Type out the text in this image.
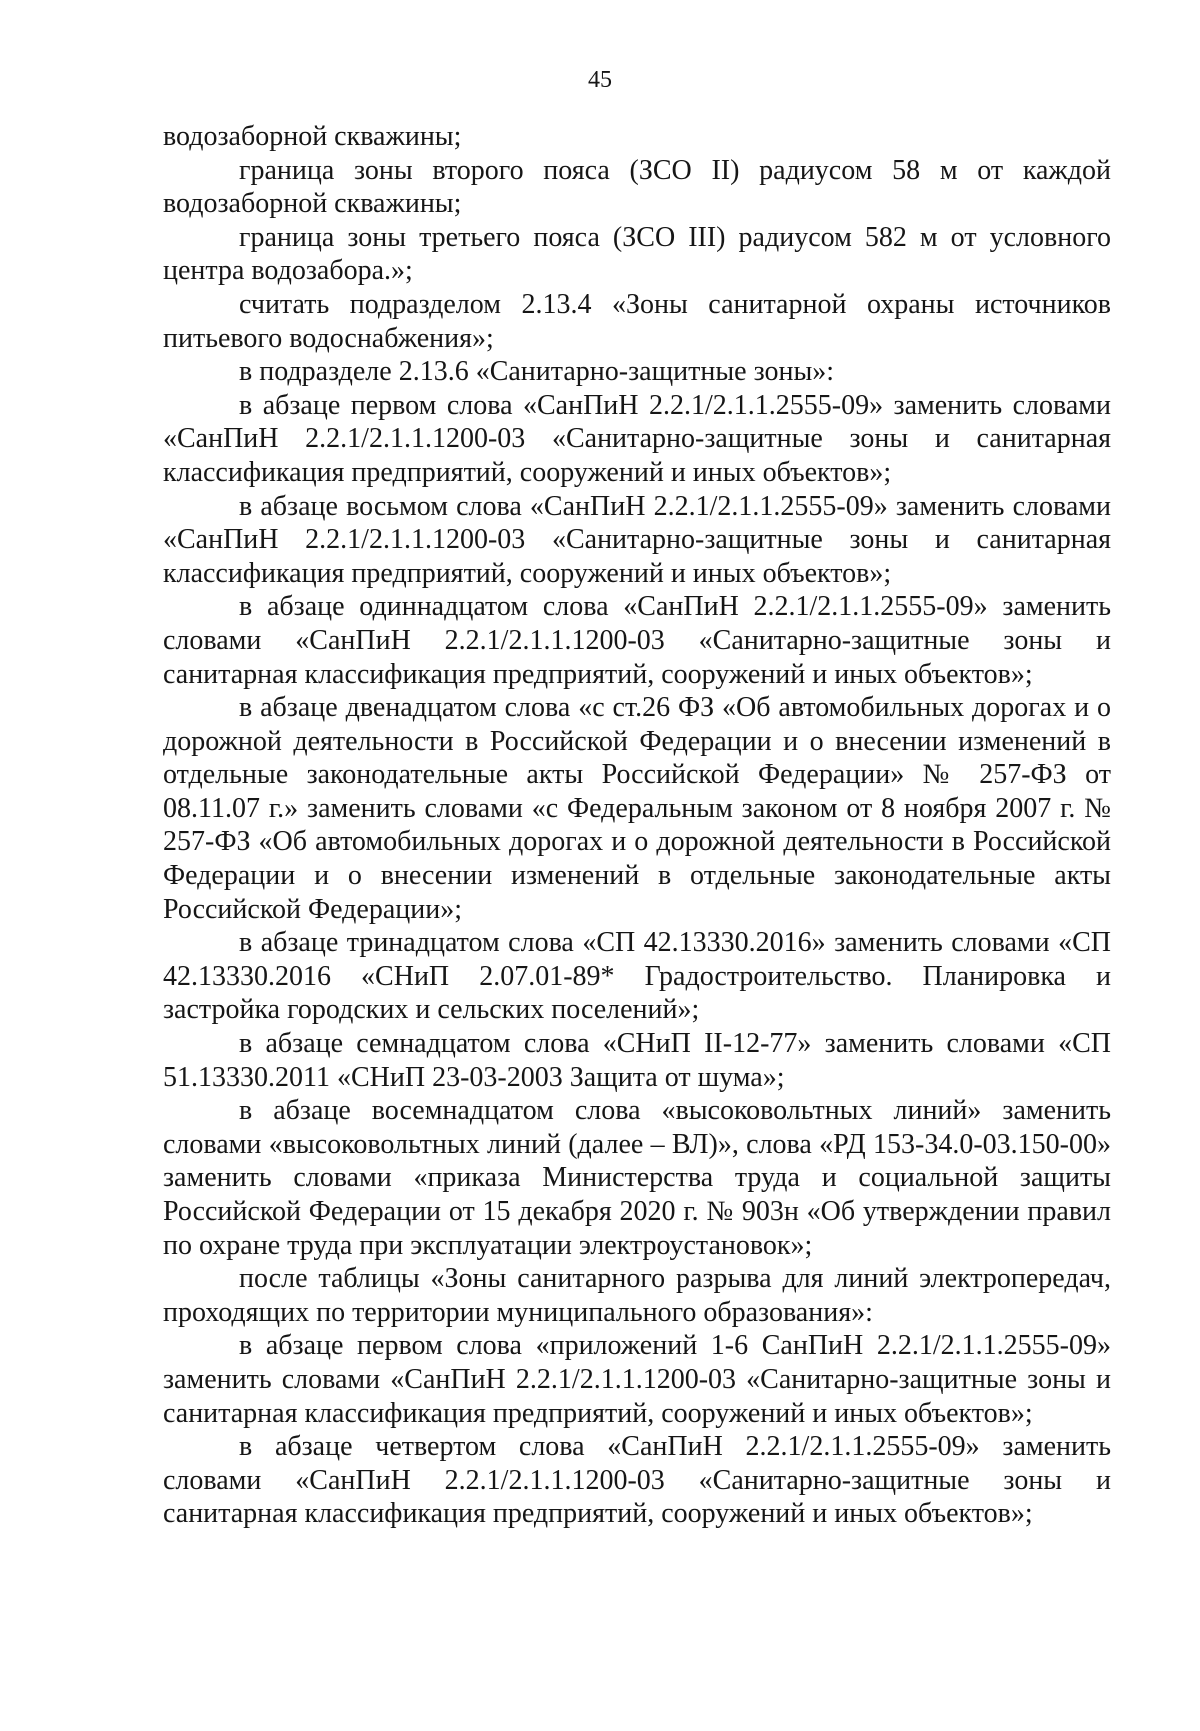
45

водозаборной скважины;

граница зоны второго пояса (ЗСО II) радиусом 58 м от каждой водозаборной скважины;

граница зоны третьего пояса (ЗСО III) радиусом 582 м от условного центра водозабора.»;

считать подразделом 2.13.4 «Зоны санитарной охраны источников питьевого водоснабжения»;

в подразделе 2.13.6 «Санитарно-защитные зоны»:

в абзаце первом слова «СанПиН 2.2.1/2.1.1.2555-09» заменить словами «СанПиН 2.2.1/2.1.1.1200-03 «Санитарно-защитные зоны и санитарная классификация предприятий, сооружений и иных объектов»;

в абзаце восьмом слова «СанПиН 2.2.1/2.1.1.2555-09» заменить словами «СанПиН 2.2.1/2.1.1.1200-03 «Санитарно-защитные зоны и санитарная классификация предприятий, сооружений и иных объектов»;

в абзаце одиннадцатом слова «СанПиН 2.2.1/2.1.1.2555-09» заменить словами «СанПиН 2.2.1/2.1.1.1200-03 «Санитарно-защитные зоны и санитарная классификация предприятий, сооружений и иных объектов»;

в абзаце двенадцатом слова «с ст.26 ФЗ «Об автомобильных дорогах и о дорожной деятельности в Российской Федерации и о внесении изменений в отдельные законодательные акты Российской Федерации» № 257-ФЗ от 08.11.07 г.» заменить словами «с Федеральным законом от 8 ноября 2007 г. № 257-ФЗ «Об автомобильных дорогах и о дорожной деятельности в Российской Федерации и о внесении изменений в отдельные законодательные акты Российской Федерации»;

в абзаце тринадцатом слова «СП 42.13330.2016» заменить словами «СП 42.13330.2016 «СНиП 2.07.01-89* Градостроительство. Планировка и застройка городских и сельских поселений»;

в абзаце семнадцатом слова «СНиП II-12-77» заменить словами «СП 51.13330.2011 «СНиП 23-03-2003 Защита от шума»;

в абзаце восемнадцатом слова «высоковольтных линий» заменить словами «высоковольтных линий (далее – ВЛ)», слова «РД 153-34.0-03.150-00» заменить словами «приказа Министерства труда и социальной защиты Российской Федерации от 15 декабря 2020 г. № 903н «Об утверждении правил по охране труда при эксплуатации электроустановок»;

после таблицы «Зоны санитарного разрыва для линий электропередач, проходящих по территории муниципального образования»:

в абзаце первом слова «приложений 1-6 СанПиН 2.2.1/2.1.1.2555-09» заменить словами «СанПиН 2.2.1/2.1.1.1200-03 «Санитарно-защитные зоны и санитарная классификация предприятий, сооружений и иных объектов»;

в абзаце четвертом слова «СанПиН 2.2.1/2.1.1.2555-09» заменить словами «СанПиН 2.2.1/2.1.1.1200-03 «Санитарно-защитные зоны и санитарная классификация предприятий, сооружений и иных объектов»;
